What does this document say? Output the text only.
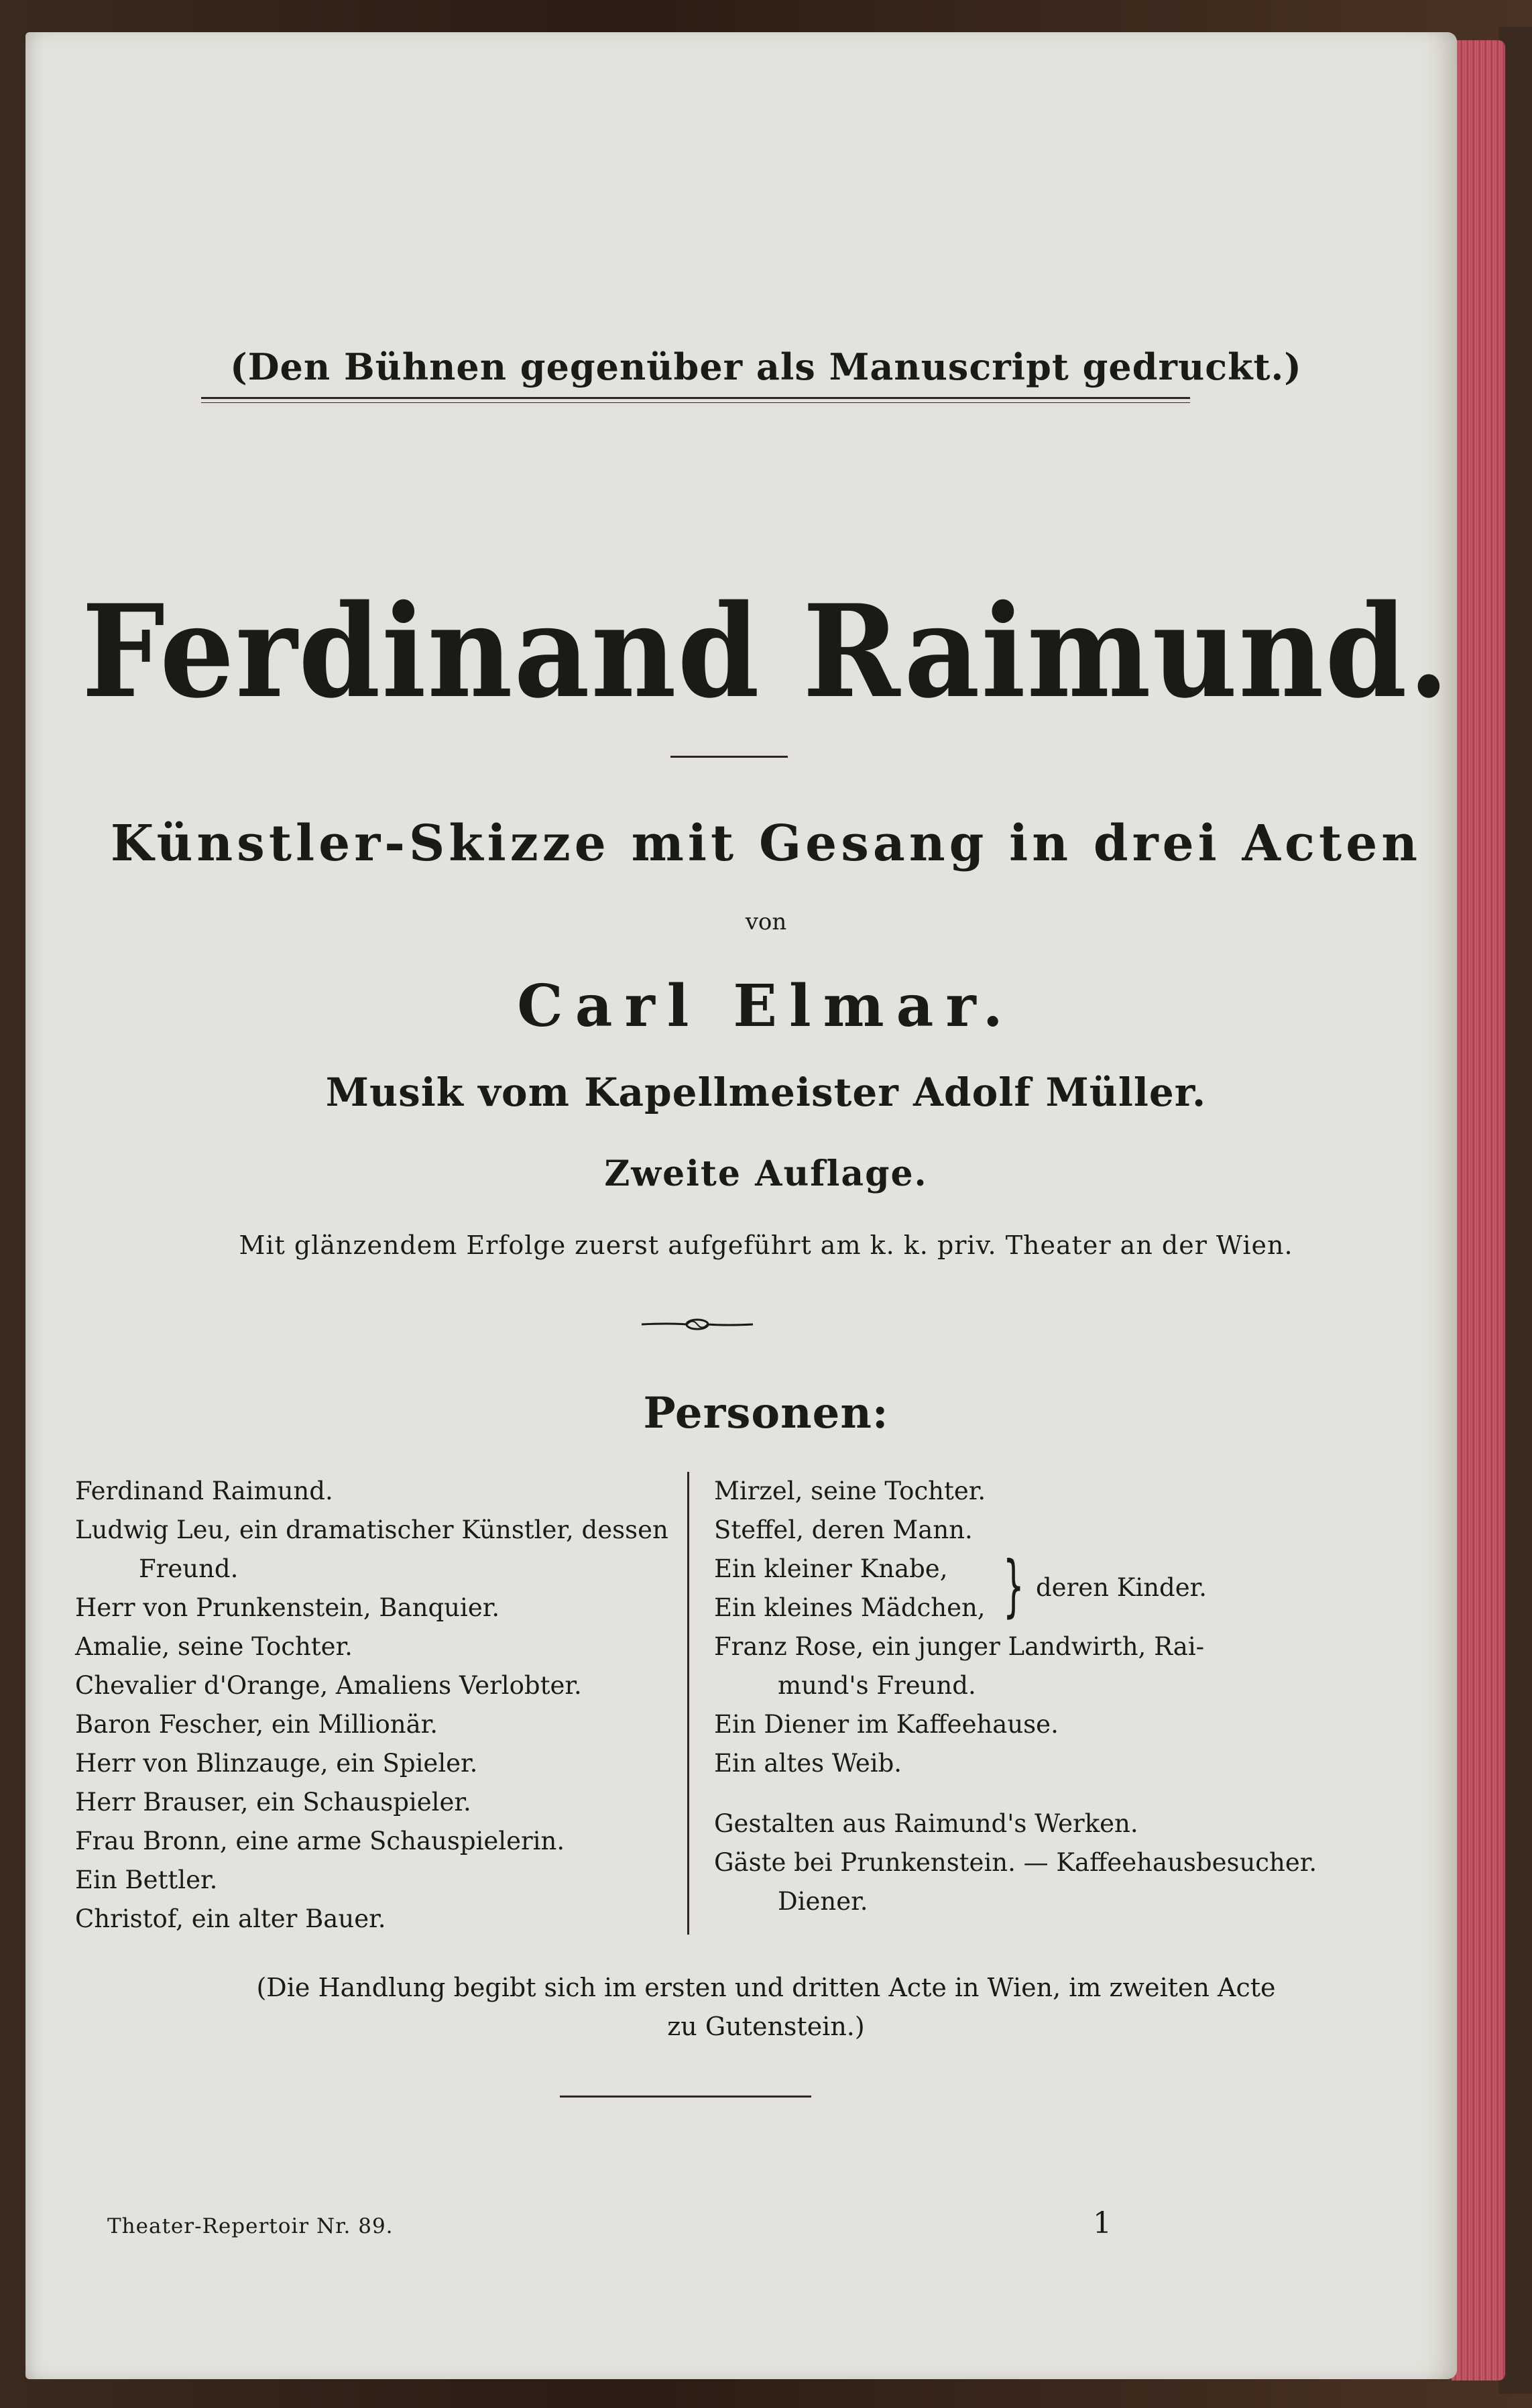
(Den Bühnen gegenüber als Manuscript gedruckt.)
Ferdinand Raimund.
Künstler-Skizze mit Gesang in drei Acten
von
Carl Elmar.
Musik vom Kapellmeister Adolf Müller.
Zweite Auflage.
Mit glänzendem Erfolge zuerst aufgeführt am k. k. priv. Theater an der Wien.
Personen:
Ferdinand Raimund.
Ludwig Leu, ein dramatischer Künstler, dessen
Freund.
Herr von Prunkenstein, Banquier.
Amalie, seine Tochter.
Chevalier d'Orange, Amaliens Verlobter.
Baron Fescher, ein Millionär.
Herr von Blinzauge, ein Spieler.
Herr Brauser, ein Schauspieler.
Frau Bronn, eine arme Schauspielerin.
Ein Bettler.
Christof, ein alter Bauer.
Mirzel, seine Tochter.
Steffel, deren Mann.
Ein kleiner Knabe,
Ein kleines Mädchen, } deren Kinder.
Franz Rose, ein junger Landwirth, Rai-
mund's Freund.
Ein Diener im Kaffeehause.
Ein altes Weib.
Gestalten aus Raimund's Werken.
Gäste bei Prunkenstein. — Kaffeehausbesucher.
Diener.
(Die Handlung begibt sich im ersten und dritten Acte in Wien, im zweiten Acte
zu Gutenstein.)
Theater-Repertoir Nr. 89.	1
